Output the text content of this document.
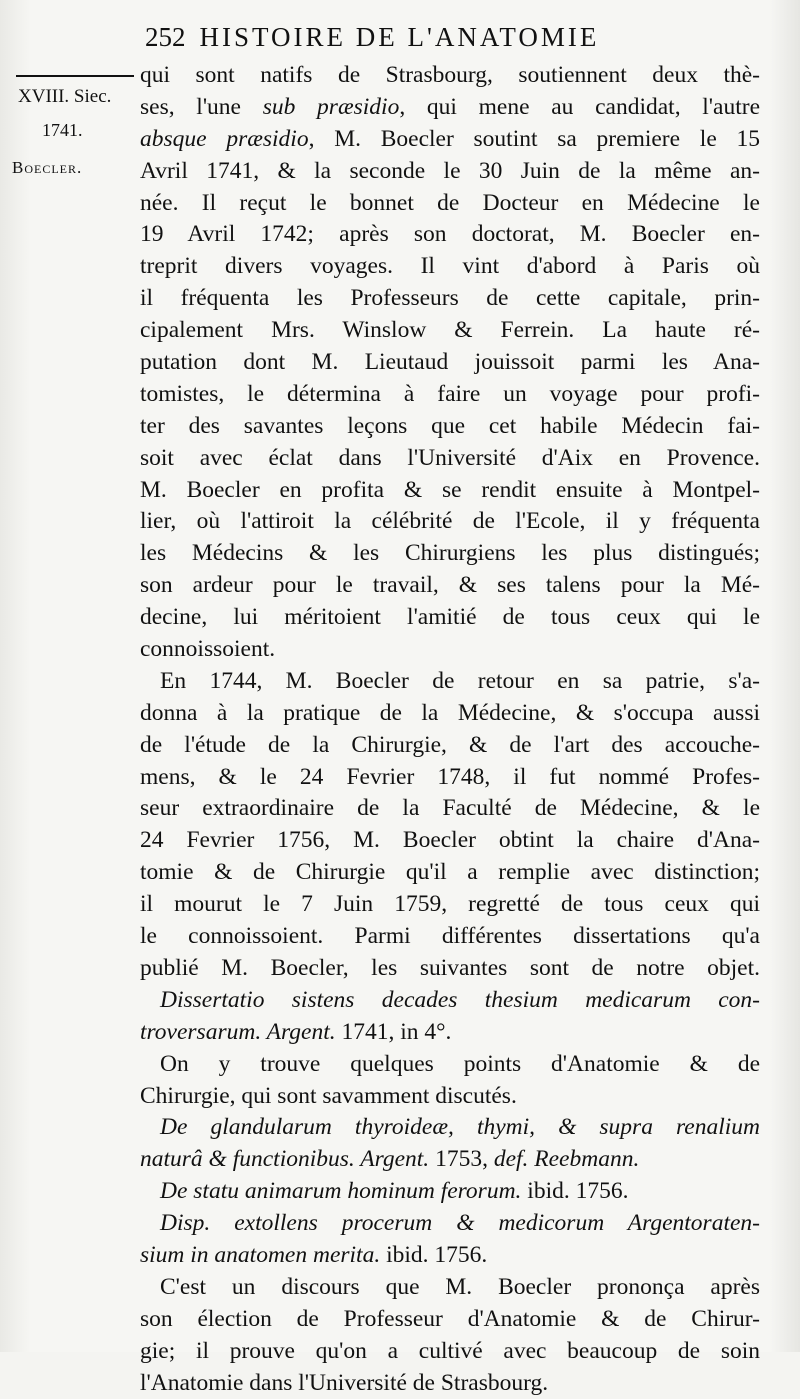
252 HISTOIRE DE L'ANATOMIE
XVIII. Siec.
1741.
Boecler.
qui sont natifs de Strasbourg, soutiennent deux thè-
ses, l'une sub præsidio, qui mene au candidat, l'autre
absque præsidio, M. Boecler soutint sa premiere le 15
Avril 1741, & la seconde le 30 Juin de la même an-
née. Il reçut le bonnet de Docteur en Médecine le
19 Avril 1742; après son doctorat, M. Boecler en-
treprit divers voyages. Il vint d'abord à Paris où
il fréquenta les Professeurs de cette capitale, prin-
cipalement Mrs. Winslow & Ferrein. La haute ré-
putation dont M. Lieutaud jouissoit parmi les Ana-
tomistes, le détermina à faire un voyage pour profi-
ter des savantes leçons que cet habile Médecin fai-
soit avec éclat dans l'Université d'Aix en Provence.
M. Boecler en profita & se rendit ensuite à Montpel-
lier, où l'attiroit la célébrité de l'Ecole, il y fréquenta
les Médecins & les Chirurgiens les plus distingués;
son ardeur pour le travail, & ses talens pour la Mé-
decine, lui méritoient l'amitié de tous ceux qui le
connoissoient.
En 1744, M. Boecler de retour en sa patrie, s'a-
donna à la pratique de la Médecine, & s'occupa aussi
de l'étude de la Chirurgie, & de l'art des accouche-
mens, & le 24 Fevrier 1748, il fut nommé Profes-
seur extraordinaire de la Faculté de Médecine, & le
24 Fevrier 1756, M. Boecler obtint la chaire d'Ana-
tomie & de Chirurgie qu'il a remplie avec distinction;
il mourut le 7 Juin 1759, regretté de tous ceux qui
le connoissoient. Parmi différentes dissertations qu'a
publié M. Boecler, les suivantes sont de notre objet.
Dissertatio sistens decades thesium medicarum con-
troversarum. Argent. 1741, in 4°.
On y trouve quelques points d'Anatomie & de
Chirurgie, qui sont savamment discutés.
De glandularum thyroideæ, thymi, & supra renalium
naturâ & functionibus. Argent. 1753, def. Reebmann.
De statu animarum hominum ferorum. ibid. 1756.
Disp. extollens procerum & medicorum Argentoraten-
sium in anatomen merita. ibid. 1756.
C'est un discours que M. Boecler prononça après
son élection de Professeur d'Anatomie & de Chirur-
gie; il prouve qu'on a cultivé avec beaucoup de soin
l'Anatomie dans l'Université de Strasbourg.
